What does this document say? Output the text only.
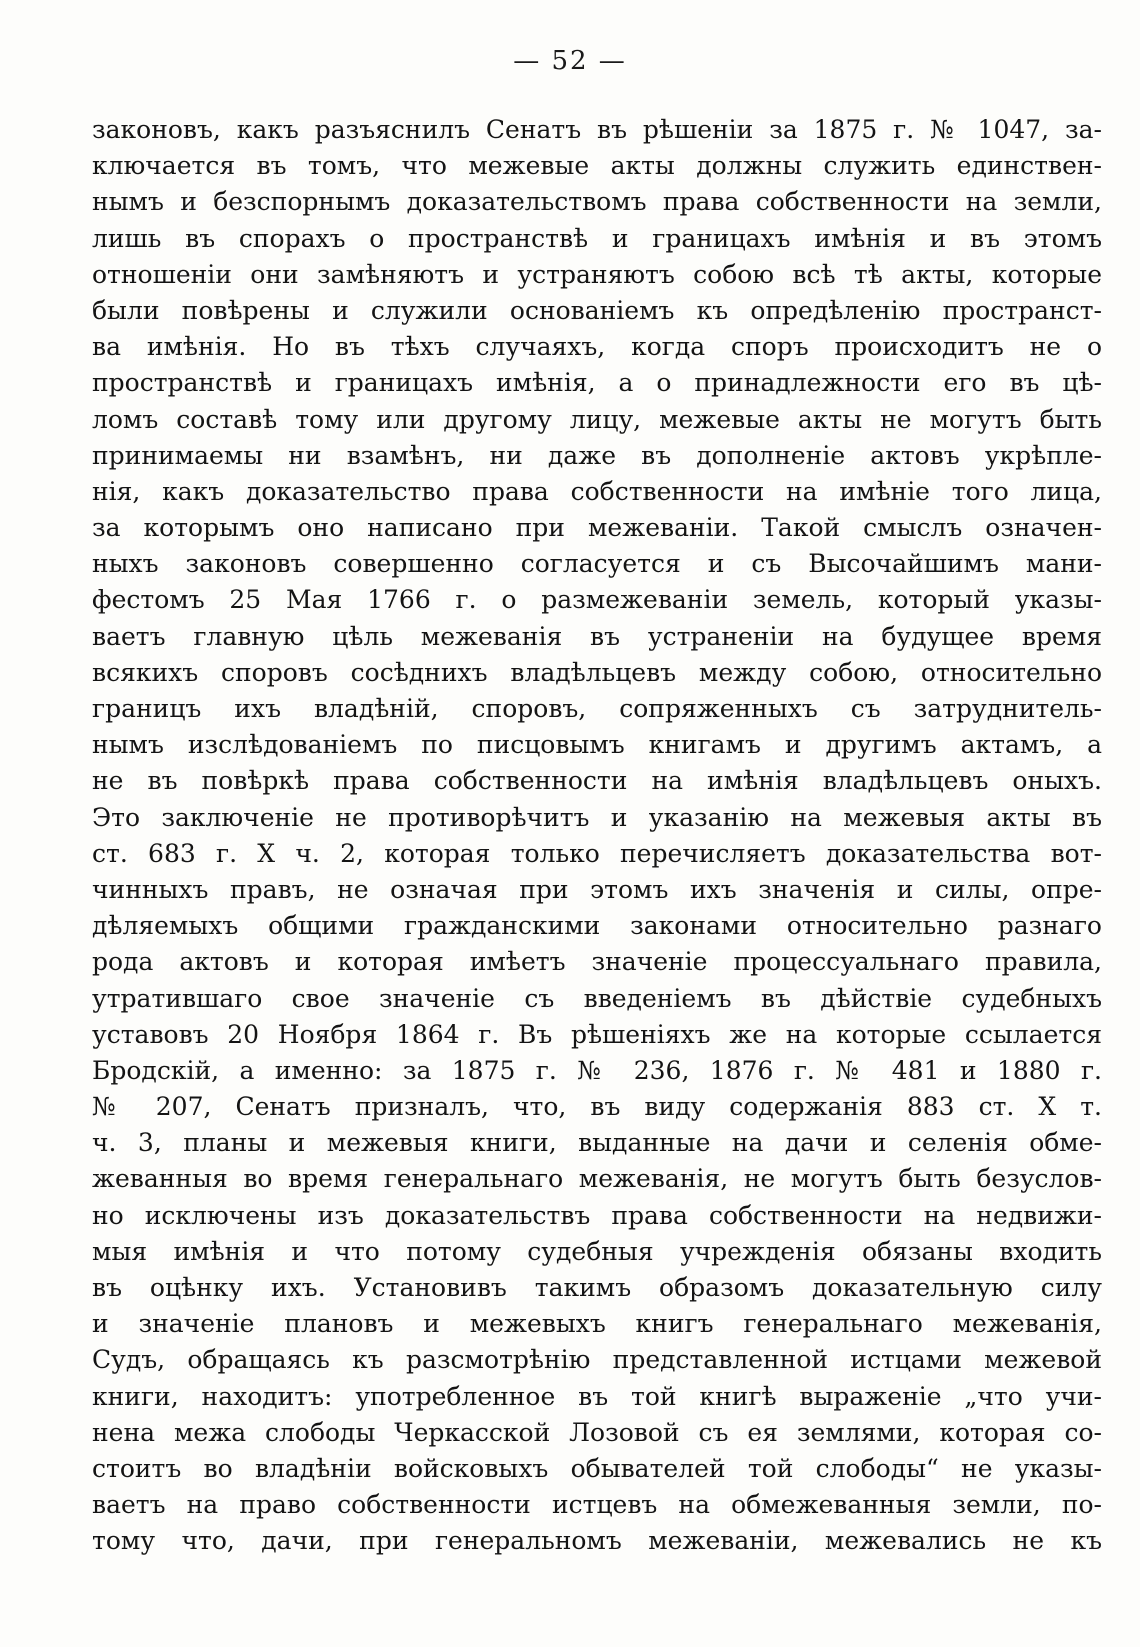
— 52 —
законовъ, какъ разъяснилъ Сенатъ въ рѣшеніи за 1875 г. № 1047, за-
ключается въ томъ, что межевые акты должны служить единствен-
нымъ и безспорнымъ доказательствомъ права собственности на земли,
лишь въ спорахъ о пространствѣ и границахъ имѣнія и въ этомъ
отношеніи они замѣняютъ и устраняютъ собою всѣ тѣ акты, которые
были повѣрены и служили основаніемъ къ опредѣленію пространст-
ва имѣнія. Но въ тѣхъ случаяхъ, когда споръ происходитъ не о
пространствѣ и границахъ имѣнія, а о принадлежности его въ цѣ-
ломъ составѣ тому или другому лицу, межевые акты не могутъ быть
принимаемы ни взамѣнъ, ни даже въ дополненіе актовъ укрѣпле-
нія, какъ доказательство права собственности на имѣніе того лица,
за которымъ оно написано при межеваніи. Такой смыслъ означен-
ныхъ законовъ совершенно согласуется и съ Высочайшимъ мани-
фестомъ 25 Мая 1766 г. о размежеваніи земель, который указы-
ваетъ главную цѣль межеванія въ устраненіи на будущее время
всякихъ споровъ сосѣднихъ владѣльцевъ между собою, относительно
границъ ихъ владѣній, споровъ, сопряженныхъ съ затруднитель-
нымъ изслѣдованіемъ по писцовымъ книгамъ и другимъ актамъ, а
не въ повѣркѣ права собственности на имѣнія владѣльцевъ оныхъ.
Это заключеніе не противорѣчитъ и указанію на межевыя акты въ
ст. 683 г. X ч. 2, которая только перечисляетъ доказательства вот-
чинныхъ правъ, не означая при этомъ ихъ значенія и силы, опре-
дѣляемыхъ общими гражданскими законами относительно разнаго
рода актовъ и которая имѣетъ значеніе процессуальнаго правила,
утратившаго свое значеніе съ введеніемъ въ дѣйствіе судебныхъ
уставовъ 20 Ноября 1864 г. Въ рѣшеніяхъ же на которые ссылается
Бродскій, а именно: за 1875 г. № 236, 1876 г. № 481 и 1880 г.
№ 207, Сенатъ призналъ, что, въ виду содержанія 883 ст. X т.
ч. 3, планы и межевыя книги, выданные на дачи и селенія обме-
жеванныя во время генеральнаго межеванія, не могутъ быть безуслов-
но исключены изъ доказательствъ права собственности на недвижи-
мыя имѣнія и что потому судебныя учрежденія обязаны входить
въ оцѣнку ихъ. Установивъ такимъ образомъ доказательную силу
и значеніе плановъ и межевыхъ книгъ генеральнаго межеванія,
Судъ, обращаясь къ разсмотрѣнію представленной истцами межевой
книги, находитъ: употребленное въ той книгѣ выраженіе „что учи-
нена межа слободы Черкасской Лозовой съ ея землями, которая со-
стоитъ во владѣніи войсковыхъ обывателей той слободы“ не указы-
ваетъ на право собственности истцевъ на обмежеванныя земли, по-
тому что, дачи, при генеральномъ межеваніи, межевались не къ
